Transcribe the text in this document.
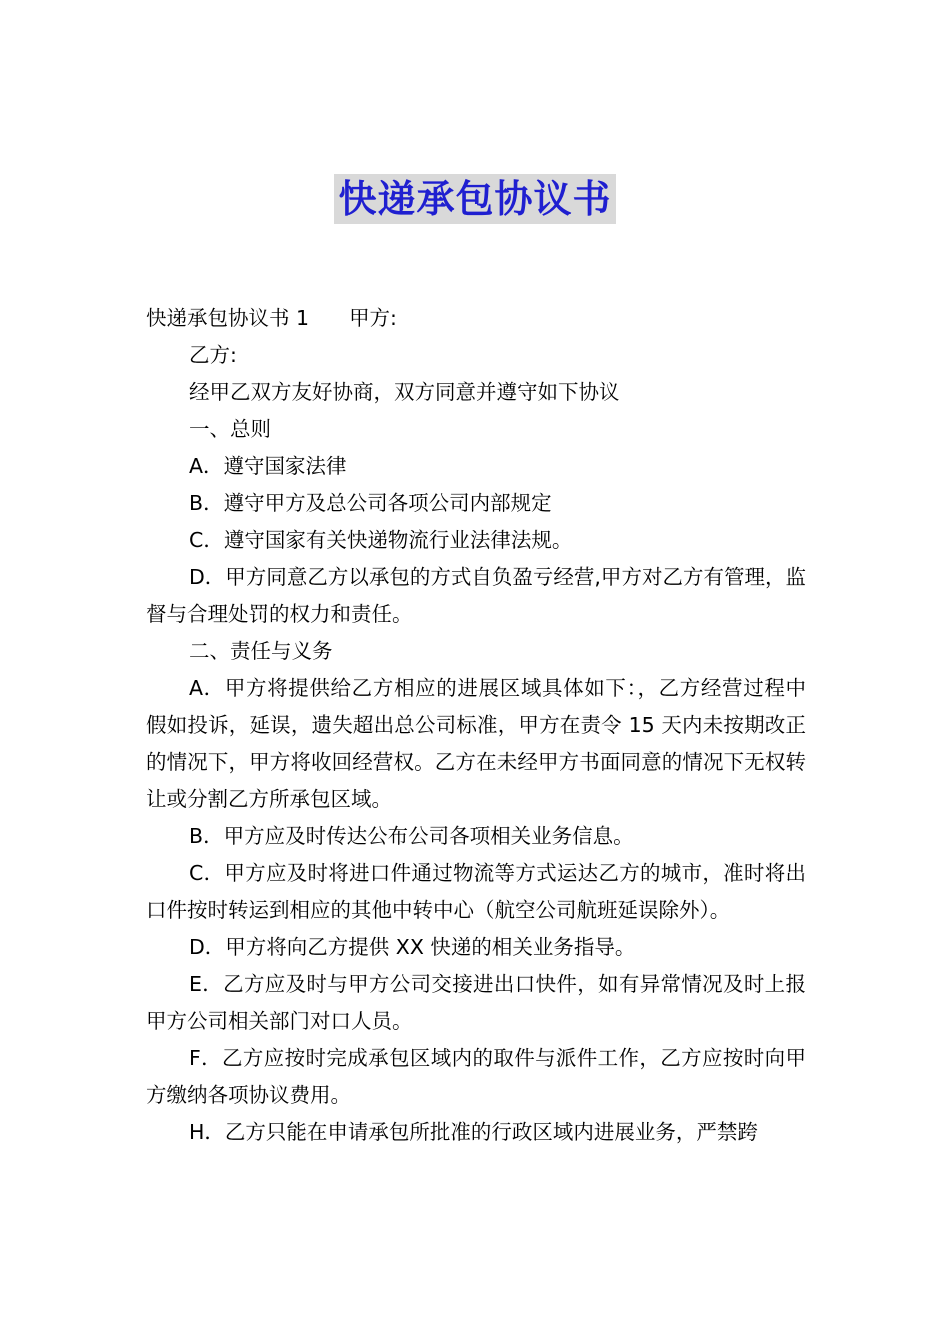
快递承包协议书

快递承包协议书 1 甲方:

乙方:

经甲乙双方友好协商，双方同意并遵守如下协议

一、总则

A．遵守国家法律

B．遵守甲方及总公司各项公司内部规定

C．遵守国家有关快递物流行业法律法规。

D．甲方同意乙方以承包的方式自负盈亏经营,甲方对乙方有管理，监督与合理处罚的权力和责任。

二、责任与义务

A．甲方将提供给乙方相应的进展区域具体如下：，乙方经营过程中假如投诉，延误，遗失超出总公司标准，甲方在责令 15 天内未按期改正的情况下，甲方将收回经营权。乙方在未经甲方书面同意的情况下无权转让或分割乙方所承包区域。

B．甲方应及时传达公布公司各项相关业务信息。

C．甲方应及时将进口件通过物流等方式运达乙方的城市，准时将出口件按时转运到相应的其他中转中心（航空公司航班延误除外）。

D．甲方将向乙方提供 XX 快递的相关业务指导。

E．乙方应及时与甲方公司交接进出口快件，如有异常情况及时上报甲方公司相关部门对口人员。

F．乙方应按时完成承包区域内的取件与派件工作，乙方应按时向甲方缴纳各项协议费用。

H．乙方只能在申请承包所批准的行政区域内进展业务，严禁跨
